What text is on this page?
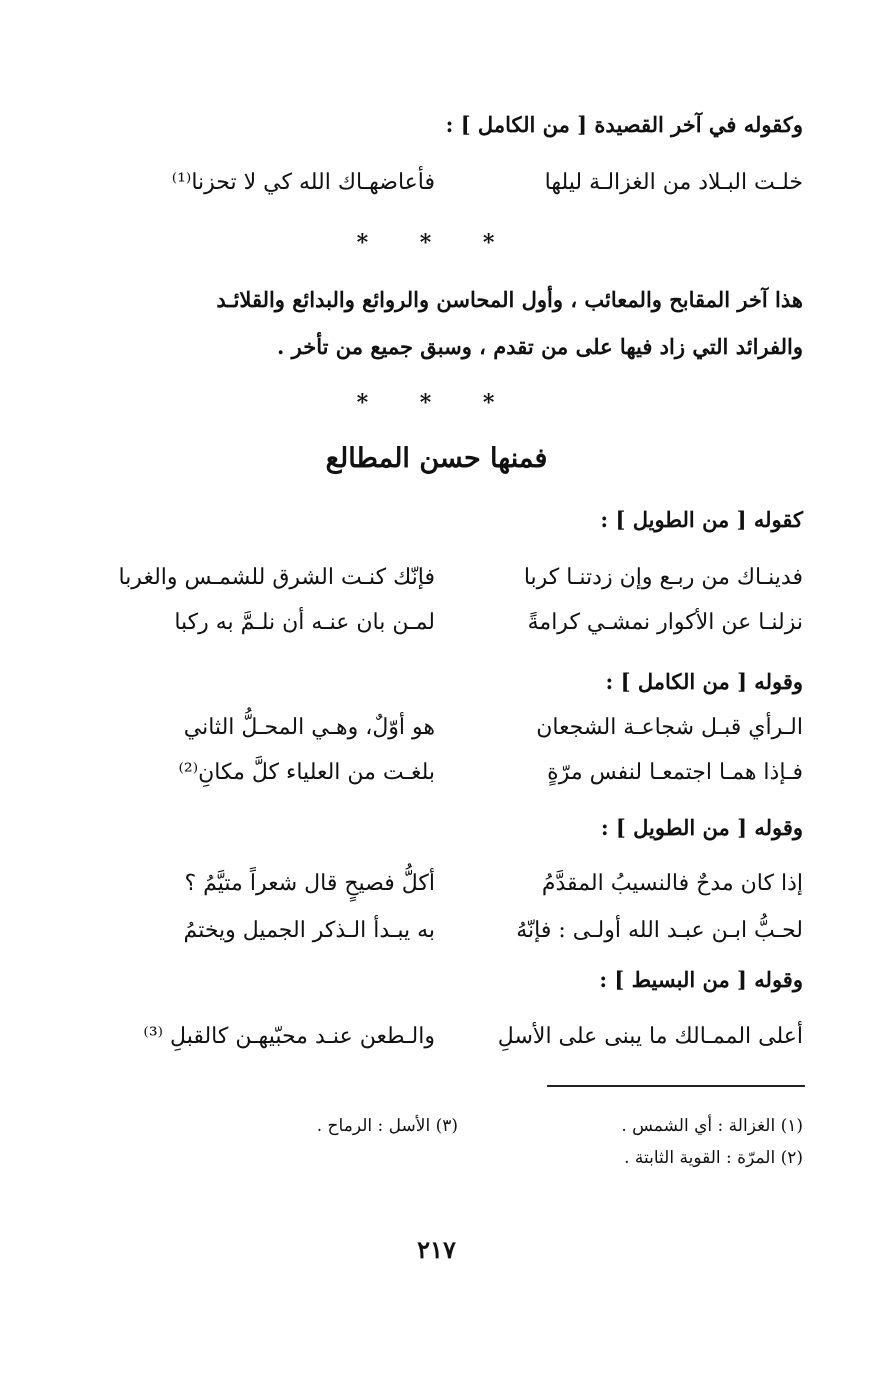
وكقوله في آخر القصيدة [ من الكامل ] :
خلـت البـلاد من الغزالـة ليلها
فأعاضهـاك الله كي لا تحزنا⁽¹⁾
* * *
هذا آخر المقابح والمعائب ، وأول المحاسن والروائع والبدائع والقلائـد
والفرائد التي زاد فيها على من تقدم ، وسبق جميع من تأخر .
* * *
فمنها حسن المطالع
كقوله [ من الطويل ] :
فدينـاك من ربـع وإن زدتنـا كربا
فإنّك كنـت الشرق للشمـس والغربا
نزلنـا عن الأكوار نمشـي كرامةً
لمـن بان عنـه أن نلـمَّ به ركبا
وقوله [ من الكامل ] :
الـرأي قبـل شجاعـة الشجعان
هو أوّلٌ، وهـي المحـلُّ الثاني
فـإذا همـا اجتمعـا لنفس مرّةٍ
بلغـت من العلياء كلَّ مكانِ⁽²⁾
وقوله [ من الطويل ] :
إذا كان مدحٌ فالنسيبُ المقدَّمُ
أكلُّ فصيحٍ قال شعراً متيَّمُ ؟
لحـبُّ ابـن عبـد الله أولـى : فإنّهُ
به يبـدأ الـذكر الجميل ويختمُ
وقوله [ من البسيط ] :
أعلى الممـالك ما يبنى على الأسلِ
والـطعن عنـد محبّيهـن كالقبلِ ⁽³⁾
(١) الغزالة : أي الشمس .
(٢) المرّة : القوية الثابتة .
(٣) الأسل : الرماح .
٢١٧
